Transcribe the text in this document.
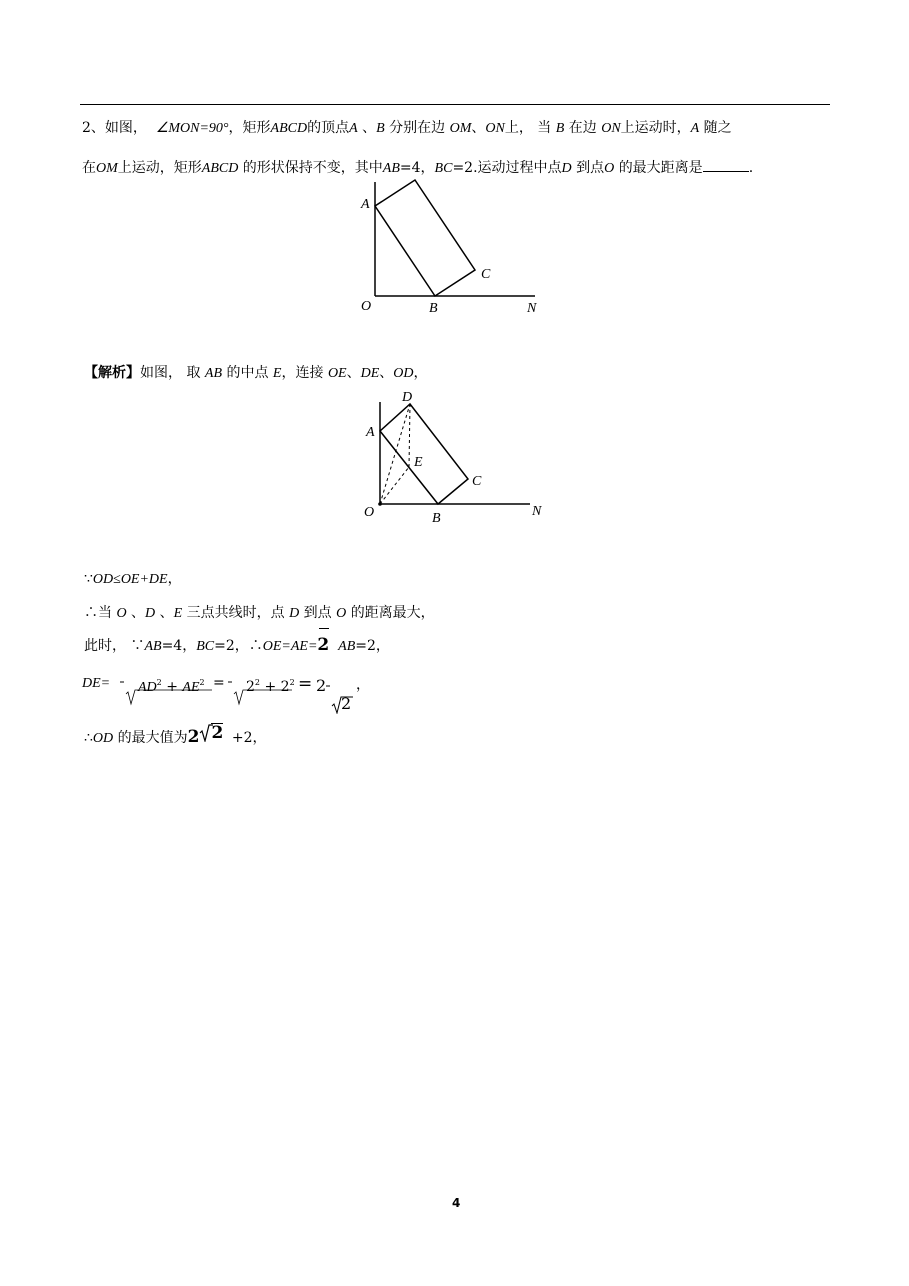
2、如图， ∠MON=90°，矩形ABCD的顶点A 、B 分别在边 OM、ON上， 当 B 在边 ON上运动时，A 随之
在OM上运动，矩形ABCD 的形状保持不变，其中AB=4，BC=2.运动过程中点D 到点O 的最大距离是	.
A
B
C
O	N
【解析】如图， 取 AB 的中点 E，连接 OE、DE、OD，
A
D
E
C
B
O	N
∵OD≤OE+DE，
∴当 O 、D 、E 三点共线时，点 D 到点 O 的距离最大，
此时， ∵AB=4，BC=2，∴OE=AE=
2 AB=2，
$DE= AD^2 + AE^2 = 2^2 + 2^2 = 2$
2
，
∴OD 的最大值为2 2 +2，
4
